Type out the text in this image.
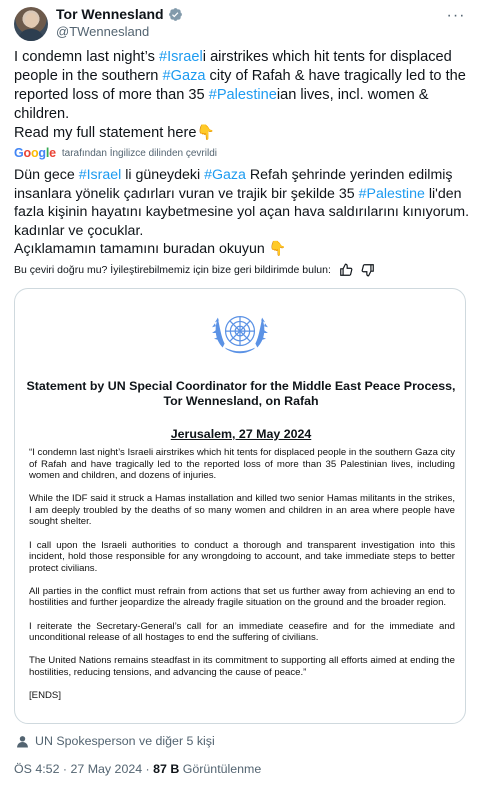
Tor Wennesland
@TWennesland
···
I condemn last night’s #Israeli airstrikes which hit tents for displaced
people in the southern #Gaza city of Rafah & have tragically led to the
reported loss of more than 35 #Palestineian lives, incl. women &
children.
Read my full statement here👇
Google tarafından İngilizce dilinden çevrildi
Dün gece #Israel li güneydeki #Gaza Refah şehrinde yerinden edilmiş
insanlara yönelik çadırları vuran ve trajik bir şekilde 35 #Palestine li'den
fazla kişinin hayatını kaybetmesine yol açan hava saldırılarını kınıyorum.
kadınlar ve çocuklar.
Açıklamamın tamamını buradan okuyun 👇
Bu çeviri doğru mu? İyileştirebilmemiz için bize geri bildirimde bulun:
Statement by UN Special Coordinator for the Middle East Peace Process,
Tor Wennesland, on Rafah
Jerusalem, 27 May 2024

“I condemn last night’s Israeli airstrikes which hit tents for displaced people in the southern Gaza city of Rafah and have tragically led to the reported loss of more than 35 Palestinian lives, including women and children, and dozens of injuries.

While the IDF said it struck a Hamas installation and killed two senior Hamas militants in the strikes, I am deeply troubled by the deaths of so many women and children in an area where people have sought shelter.

I call upon the Israeli authorities to conduct a thorough and transparent investigation into this incident, hold those responsible for any wrongdoing to account, and take immediate steps to better protect civilians.

All parties in the conflict must refrain from actions that set us further away from achieving an end to hostilities and further jeopardize the already fragile situation on the ground and the broader region.

I reiterate the Secretary-General’s call for an immediate ceasefire and for the immediate and unconditional release of all hostages to end the suffering of civilians.

The United Nations remains steadfast in its commitment to supporting all efforts aimed at ending the hostilities, reducing tensions, and advancing the cause of peace.”

[ENDS]

UN Spokesperson ve diğer 5 kişi
ÖS 4:52 · 27 May 2024 · 87 B Görüntülenme
